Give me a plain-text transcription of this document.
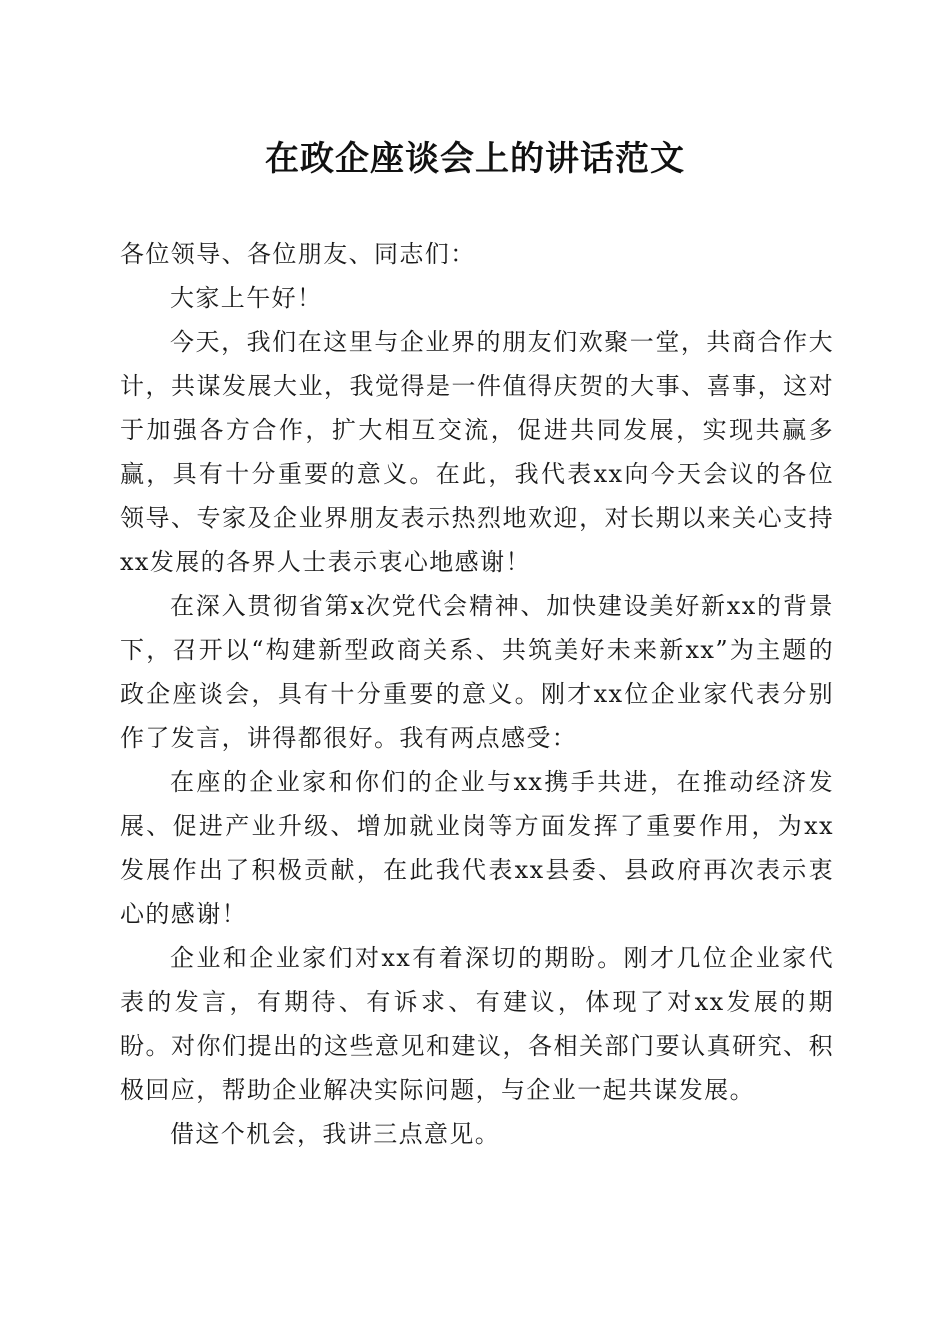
在政企座谈会上的讲话范文

各位领导、各位朋友、同志们：

大家上午好！

今天，我们在这里与企业界的朋友们欢聚一堂，共商合作大计，共谋发展大业，我觉得是一件值得庆贺的大事、喜事，这对于加强各方合作，扩大相互交流，促进共同发展，实现共赢多赢，具有十分重要的意义。在此，我代表xx向今天会议的各位领导、专家及企业界朋友表示热烈地欢迎，对长期以来关心支持xx发展的各界人士表示衷心地感谢！

在深入贯彻省第x次党代会精神、加快建设美好新xx的背景下，召开以“构建新型政商关系、共筑美好未来新xx”为主题的政企座谈会，具有十分重要的意义。刚才xx位企业家代表分别作了发言，讲得都很好。我有两点感受：

在座的企业家和你们的企业与xx携手共进，在推动经济发展、促进产业升级、增加就业岗等方面发挥了重要作用，为xx发展作出了积极贡献，在此我代表xx县委、县政府再次表示衷心的感谢！

企业和企业家们对xx有着深切的期盼。刚才几位企业家代表的发言，有期待、有诉求、有建议，体现了对xx发展的期盼。对你们提出的这些意见和建议，各相关部门要认真研究、积极回应，帮助企业解决实际问题，与企业一起共谋发展。

借这个机会，我讲三点意见。
